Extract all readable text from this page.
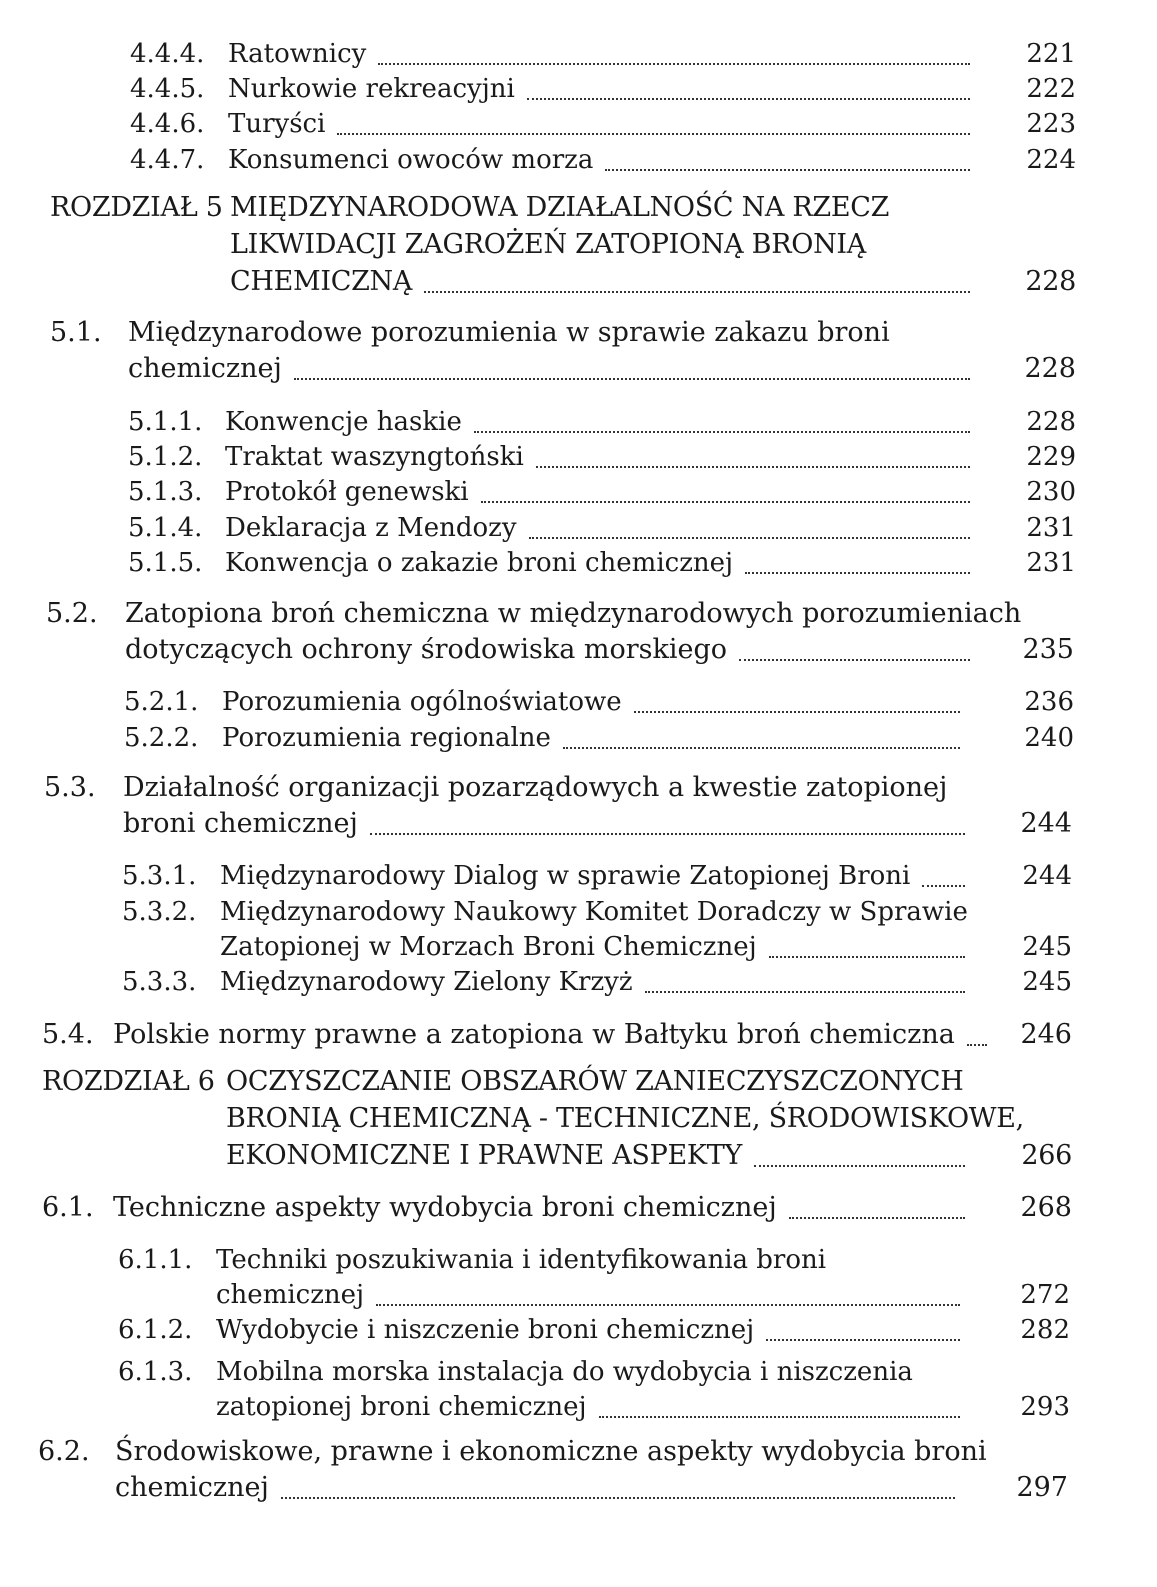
4.4.4. Ratownicy	221
4.4.5. Nurkowie rekreacyjni	222
4.4.6. Turyści	223
4.4.7. Konsumenci owoców morza	224
ROZDZIAŁ 5 MIĘDZYNARODOWA DZIAŁALNOŚĆ NA RZECZ
LIKWIDACJI ZAGROŻEŃ ZATOPIONĄ BRONIĄ
CHEMICZNĄ	228
5.1. Międzynarodowe porozumienia w sprawie zakazu broni
chemicznej	228
5.1.1. Konwencje haskie	228
5.1.2. Traktat waszyngtoński	229
5.1.3. Protokół genewski	230
5.1.4. Deklaracja z Mendozy	231
5.1.5. Konwencja o zakazie broni chemicznej	231
5.2. Zatopiona broń chemiczna w międzynarodowych porozumieniach
dotyczących ochrony środowiska morskiego	235
5.2.1. Porozumienia ogólnoświatowe	236
5.2.2. Porozumienia regionalne	240
5.3. Działalność organizacji pozarządowych a kwestie zatopionej
broni chemicznej	244
5.3.1. Międzynarodowy Dialog w sprawie Zatopionej Broni	244
5.3.2. Międzynarodowy Naukowy Komitet Doradczy w Sprawie
Zatopionej w Morzach Broni Chemicznej	245
5.3.3. Międzynarodowy Zielony Krzyż	245
5.4. Polskie normy prawne a zatopiona w Bałtyku broń chemiczna 246
ROZDZIAŁ 6 OCZYSZCZANIE OBSZARÓW ZANIECZYSZCZONYCH
BRONIĄ CHEMICZNĄ - TECHNICZNE, ŚRODOWISKOWE,
EKONOMICZNE I PRAWNE ASPEKTY	266
6.1. Techniczne aspekty wydobycia broni chemicznej	268
6.1.1. Techniki poszukiwania i identyfikowania broni
chemicznej	272
6.1.2. Wydobycie i niszczenie broni chemicznej	282
6.1.3. Mobilna morska instalacja do wydobycia i niszczenia
zatopionej broni chemicznej	293
6.2. Środowiskowe, prawne i ekonomiczne aspekty wydobycia broni
chemicznej	297
